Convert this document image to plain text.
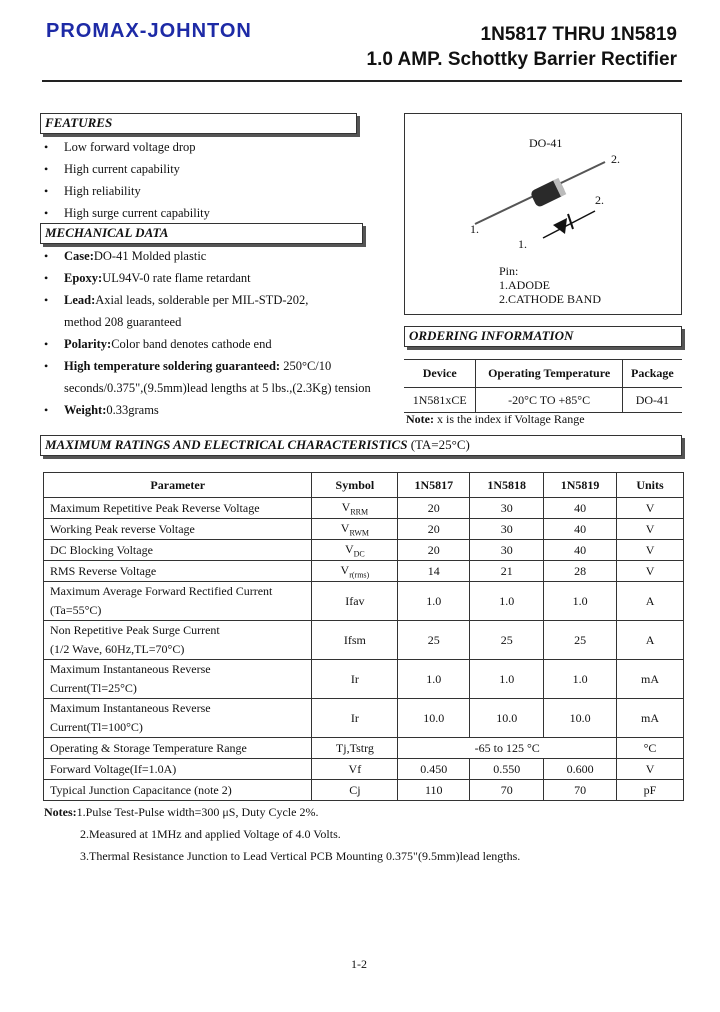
PROMAX-JOHNTON	1N5817 THRU 1N5819
1.0 AMP. Schottky Barrier Rectifier
FEATURES
• Low forward voltage drop
• High current capability
• High reliability
• High surge current capability
MECHANICAL DATA
• Case:DO-41 Molded plastic
• Epoxy:UL94V-0 rate flame retardant
• Lead:Axial leads, solderable per MIL-STD-202,
method 208 guaranteed
• Polarity:Color band denotes cathode end
• High temperature soldering guaranteed: 250°C/10
seconds/0.375",(9.5mm)lead lengths at 5 lbs.,(2.3Kg) tension
• Weight:0.33grams
DO-41
2.
2.
1.
1.
Pin:
1.ADODE
2.CATHODE BAND
ORDERING INFORMATION
Device	Operating Temperature	Package
1N581xCE	-20°C TO +85°C	DO-41
Note: x is the index if Voltage Range
MAXIMUM RATINGS AND ELECTRICAL CHARACTERISTICS (TA=25°C)
Parameter	Symbol	1N5817	1N5818	1N5819	Units

Maximum Repetitive Peak Reverse Voltage	$V_{RRM}$	20	30	40	V

Working Peak reverse Voltage	$V_{RWM}$	20	30	40	V

DC Blocking Voltage	$V_{DC}$	20	30	40	V

RMS Reverse Voltage	$V_{r(rms)}$	14	21	28	V

Maximum Average Forward Rectified Current
(Ta=55°C)	Ifav	1.0	1.0	1.0	A

Non Repetitive Peak Surge Current
(1/2 Wave, 60Hz,TL=70°C)	Ifsm	25	25	25	A

Maximum Instantaneous Reverse
Current(Tl=25°C)	Ir	1.0	1.0	1.0	mA

Maximum Instantaneous Reverse
Current(Tl=100°C)	Ir	10.0	10.0	10.0	mA

Operating & Storage Temperature Range	Tj,Tstrg	-65 to 125 °C			°C

Forward Voltage(If=1.0A)	Vf	0.450	0.550	0.600	V

Typical Junction Capacitance (note 2)	Cj	110	70	70	pF
Notes:1.Pulse Test-Pulse width=300 μS, Duty Cycle 2%.
2.Measured at 1MHz and applied Voltage of 4.0 Volts.
3.Thermal Resistance Junction to Lead Vertical PCB Mounting 0.375"(9.5mm)lead lengths.
1-2
